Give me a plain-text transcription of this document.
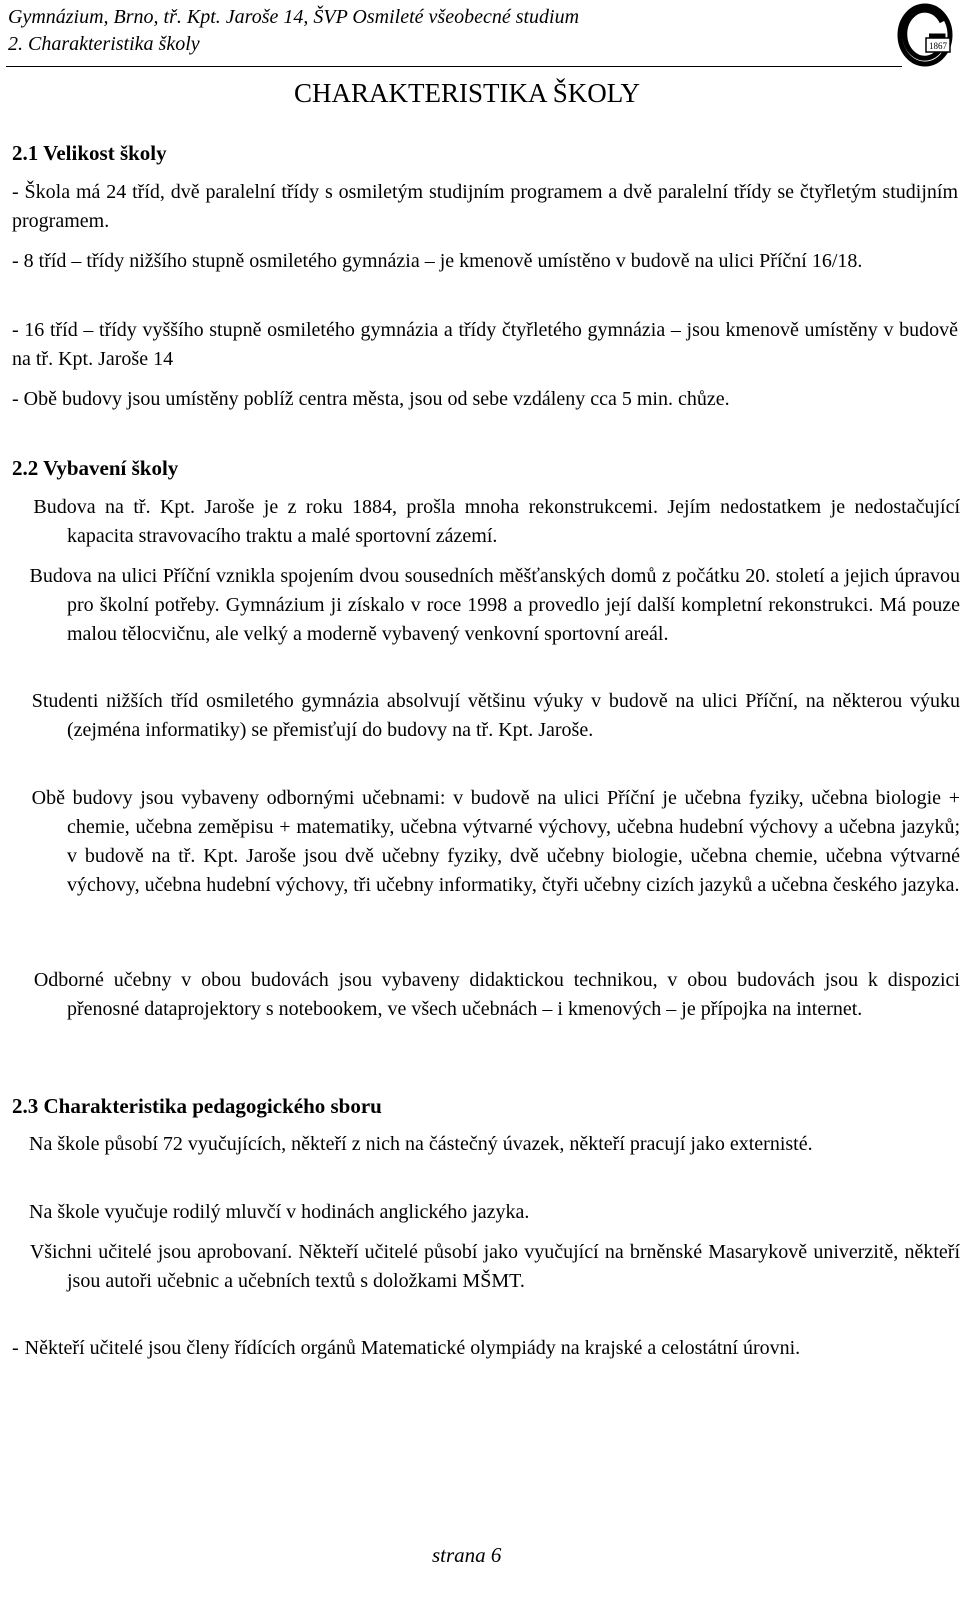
Gymnázium, Brno, tř. Kpt. Jaroše 14, ŠVP Osmileté všeobecné studium
2. Charakteristika školy	1867
CHARAKTERISTIKA ŠKOLY
2.1 Velikost školy
- Škola má 24 tříd, dvě paralelní třídy s osmiletým studijním programem a dvě paralelní třídy se čtyřletým studijním programem.
- 8 tříd – třídy nižšího stupně osmiletého gymnázia – je kmenově umístěno v budově na ulici Příční 16/18.
- 16 tříd – třídy vyššího stupně osmiletého gymnázia a třídy čtyřletého gymnázia – jsou kmenově umístěny v budově na tř. Kpt. Jaroše 14
- Obě budovy jsou umístěny poblíž centra města, jsou od sebe vzdáleny cca 5 min. chůze.
2.2 Vybavení školy
Budova na tř. Kpt. Jaroše je z roku 1884, prošla mnoha rekonstrukcemi. Jejím nedostatkem je nedostačující kapacita stravovacího traktu a malé sportovní zázemí.
Budova na ulici Příční vznikla spojením dvou sousedních měšťanských domů z počátku 20. století a jejich úpravou pro školní potřeby. Gymnázium ji získalo v roce 1998 a provedlo její další kompletní rekonstrukci. Má pouze malou tělocvičnu, ale velký a moderně vybavený venkovní sportovní areál.
Studenti nižších tříd osmiletého gymnázia absolvují většinu výuky v budově na ulici Příční, na některou výuku (zejména informatiky) se přemisťují do budovy na tř. Kpt. Jaroše.
Obě budovy jsou vybaveny odbornými učebnami: v budově na ulici Příční je učebna fyziky, učebna biologie + chemie, učebna zeměpisu + matematiky, učebna výtvarné výchovy, učebna hudební výchovy a učebna jazyků; v budově na tř. Kpt. Jaroše jsou dvě učebny fyziky, dvě učebny biologie, učebna chemie, učebna výtvarné výchovy, učebna hudební výchovy, tři učebny informatiky, čtyři učebny cizích jazyků a učebna českého jazyka.
Odborné učebny v obou budovách jsou vybaveny didaktickou technikou, v obou budovách jsou k dispozici přenosné dataprojektory s notebookem, ve všech učebnách – i kmenových – je přípojka na internet.
2.3 Charakteristika pedagogického sboru
Na škole působí 72 vyučujících, někteří z nich na částečný úvazek, někteří pracují jako externisté.
Na škole vyučuje rodilý mluvčí v hodinách anglického jazyka.
Všichni učitelé jsou aprobovaní. Někteří učitelé působí jako vyučující na brněnské Masarykově univerzitě, někteří jsou autoři učebnic a učebních textů s doložkami MŠMT.
- Někteří učitelé jsou členy řídících orgánů Matematické olympiády na krajské a celostátní úrovni.
strana 6
